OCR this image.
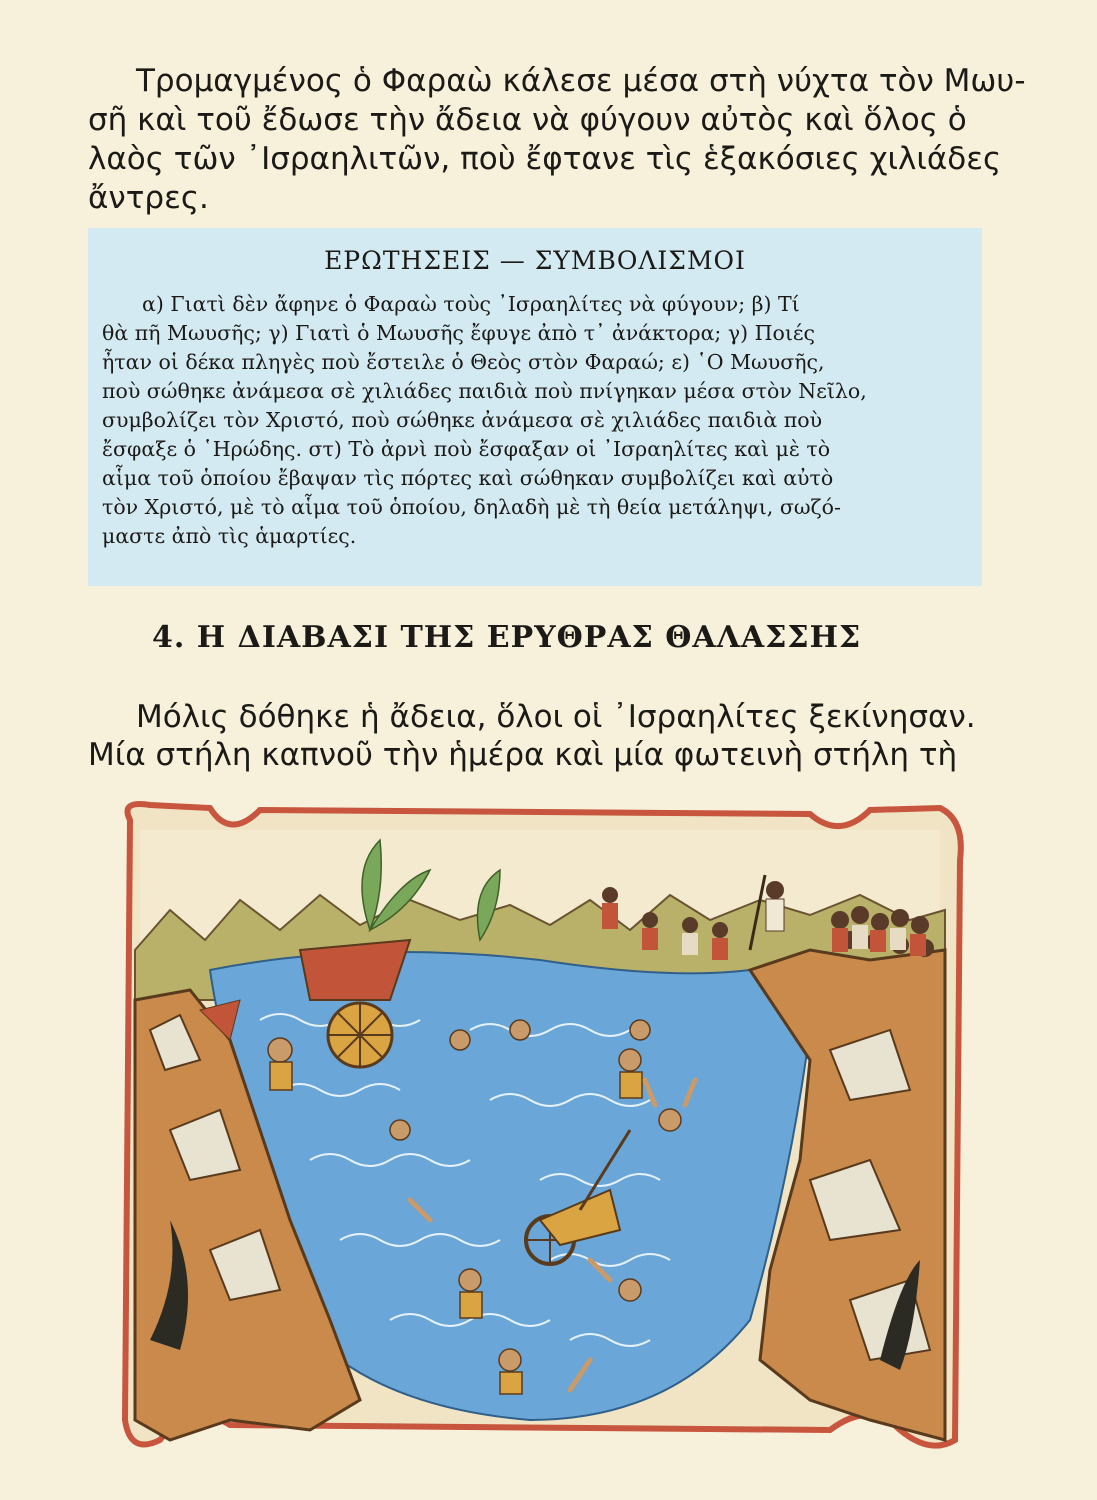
Τρομαγμένος ὁ Φαραὼ κάλεσε μέσα στὴ νύχτα τὸν Μωυ-
σῆ καὶ τοῦ ἔδωσε τὴν ἄδεια νὰ φύγουν αὐτὸς καὶ ὅλος ὁ
λαὸς τῶν ᾿Ισραηλιτῶν, ποὺ ἔφτανε τὶς ἑξακόσιες χιλιάδες
ἄντρες.
ΕΡΩΤΗΣΕΙΣ — ΣΥΜΒΟΛΙΣΜΟΙ
α) Γιατὶ δὲν ἄφηνε ὁ Φαραὼ τοὺς ᾿Ισραηλίτες νὰ φύγουν; β) Τί
θὰ πῆ Μωυσῆς; γ) Γιατὶ ὁ Μωυσῆς ἔφυγε ἀπὸ τ᾿ ἀνάκτορα; γ) Ποιές
ἦταν οἱ δέκα πληγὲς ποὺ ἔστειλε ὁ Θεὸς στὸν Φαραώ; ε) ῾Ο Μωυσῆς,
ποὺ σώθηκε ἀνάμεσα σὲ χιλιάδες παιδιὰ ποὺ πνίγηκαν μέσα στὸν Νεῖλο,
συμβολίζει τὸν Χριστό, ποὺ σώθηκε ἀνάμεσα σὲ χιλιάδες παιδιὰ ποὺ
ἔσφαξε ὁ ῾Ηρώδης. στ) Τὸ ἀρνὶ ποὺ ἔσφαξαν οἱ ᾿Ισραηλίτες καὶ μὲ τὸ
αἷμα τοῦ ὁποίου ἔβαψαν τὶς πόρτες καὶ σώθηκαν συμβολίζει καὶ αὐτὸ
τὸν Χριστό, μὲ τὸ αἷμα τοῦ ὁποίου, δηλαδὴ μὲ τὴ θεία μετάληψι, σωζό-
μαστε ἀπὸ τὶς ἁμαρτίες.
4. Η ΔΙΑΒΑΣΙ ΤΗΣ ΕΡΥΘΡΑΣ ΘΑΛΑΣΣΗΣ
Μόλις δόθηκε ἡ ἄδεια, ὅλοι οἱ ᾿Ισραηλίτες ξεκίνησαν.
Μία στήλη καπνοῦ τὴν ἡμέρα καὶ μία φωτεινὴ στήλη τὴ
